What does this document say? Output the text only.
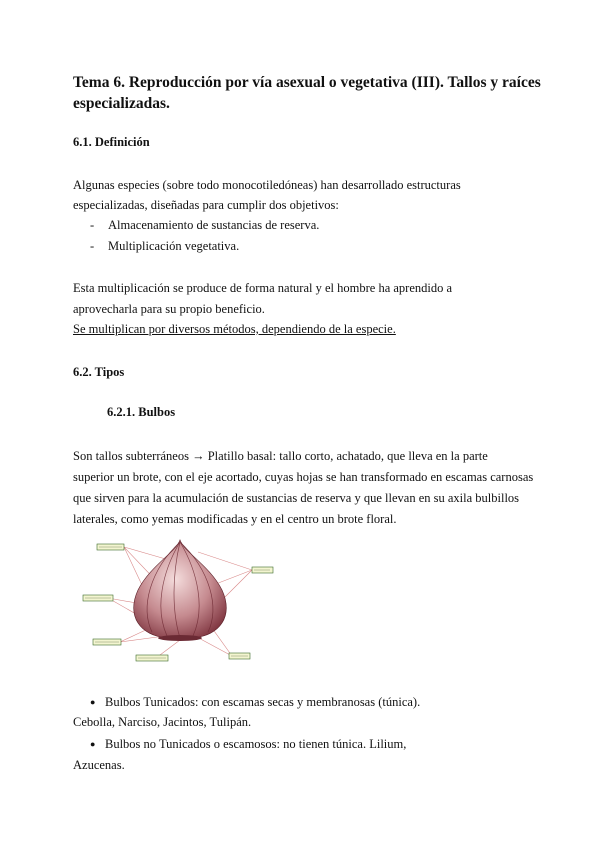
Tema 6. Reproducción por vía asexual o vegetativa (III). Tallos y raíces especializadas.
6.1. Definición
Algunas especies (sobre todo monocotiledóneas) han desarrollado estructuras
especializadas, diseñadas para cumplir dos objetivos:
- Almacenamiento de sustancias de reserva.
- Multiplicación vegetativa.
Esta multiplicación se produce de forma natural y el hombre ha aprendido a
aprovecharla para su propio beneficio.
Se multiplican por diversos métodos, dependiendo de la especie.
6.2. Tipos
6.2.1. Bulbos
Son tallos subterráneos → Platillo basal: tallo corto, achatado, que lleva en la parte
superior un brote, con el eje acortado, cuyas hojas se han transformado en escamas carnosas
que sirven para la acumulación de sustancias de reserva y que llevan en su axila bulbillos
laterales, como yemas modificadas y en el centro un brote floral.
● Bulbos Tunicados: con escamas secas y membranosas (túnica).
Cebolla, Narciso, Jacintos, Tulipán.
● Bulbos no Tunicados o escamosos: no tienen túnica. Lilium,
Azucenas.
